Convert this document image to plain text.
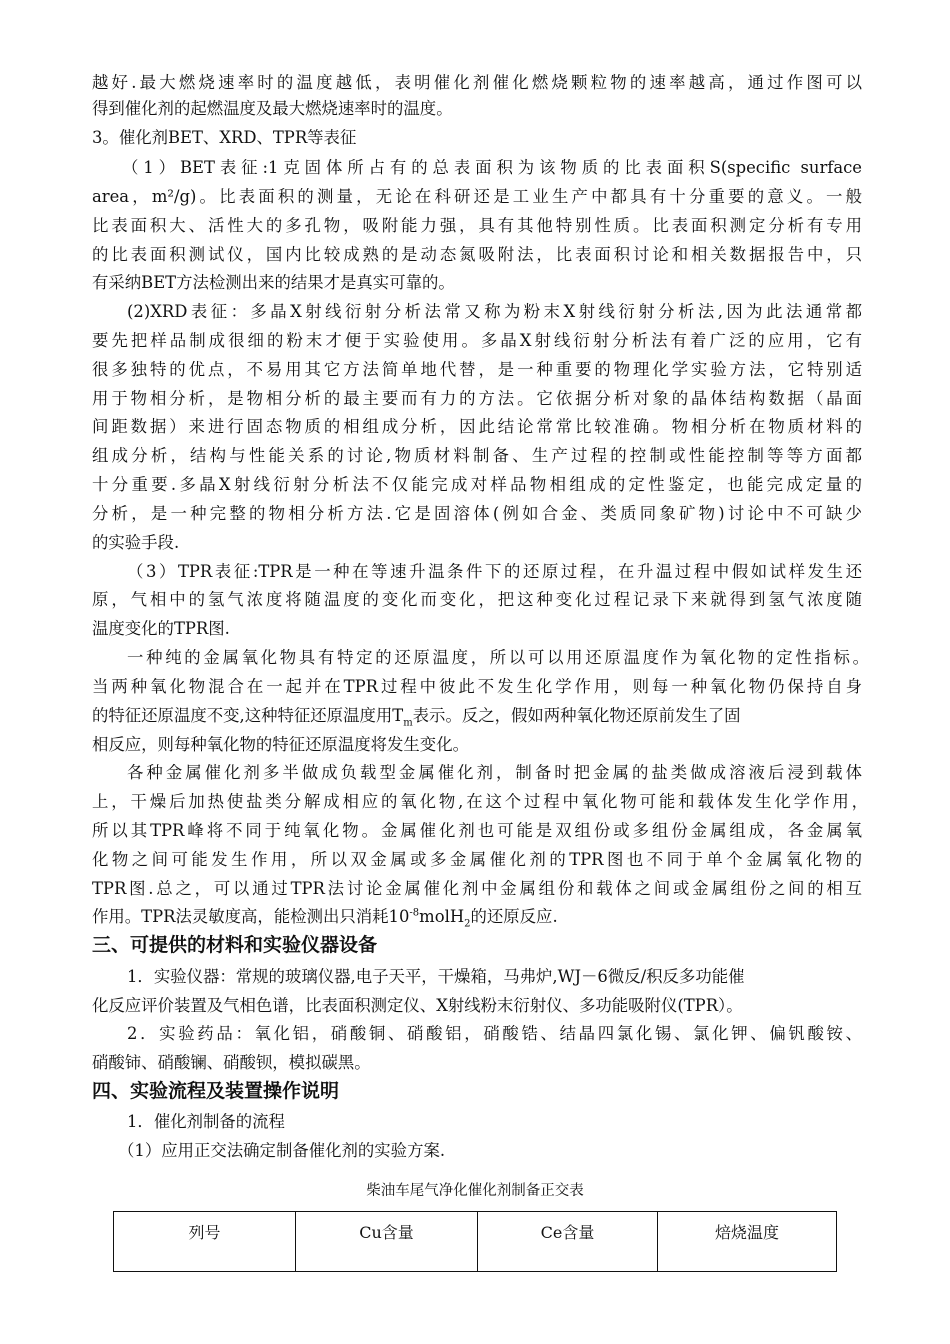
越好.最大燃烧速率时的温度越低，表明催化剂催化燃烧颗粒物的速率越高，通过作图可以
得到催化剂的起燃温度及最大燃烧速率时的温度。
3。催化剂BET、XRD、TPR等表征
（1）BET表征:1克固体所占有的总表面积为该物质的比表面积S(specific surface
area，m²/g)。比表面积的测量，无论在科研还是工业生产中都具有十分重要的意义。一般
比表面积大、活性大的多孔物，吸附能力强，具有其他特别性质。比表面积测定分析有专用
的比表面积测试仪，国内比较成熟的是动态氮吸附法，比表面积讨论和相关数据报告中，只
有采纳BET方法检测出来的结果才是真实可靠的。
(2)XRD表征：多晶X射线衍射分析法常又称为粉末X射线衍射分析法,因为此法通常都
要先把样品制成很细的粉末才便于实验使用。多晶X射线衍射分析法有着广泛的应用，它有
很多独特的优点，不易用其它方法简单地代替，是一种重要的物理化学实验方法，它特别适
用于物相分析，是物相分析的最主要而有力的方法。它依据分析对象的晶体结构数据（晶面
间距数据）来进行固态物质的相组成分析，因此结论常常比较准确。物相分析在物质材料的
组成分析，结构与性能关系的讨论,物质材料制备、生产过程的控制或性能控制等等方面都
十分重要.多晶X射线衍射分析法不仅能完成对样品物相组成的定性鉴定，也能完成定量的
分析，是一种完整的物相分析方法.它是固溶体(例如合金、类质同象矿物)讨论中不可缺少
的实验手段.
（3）TPR表征:TPR是一种在等速升温条件下的还原过程，在升温过程中假如试样发生还
原，气相中的氢气浓度将随温度的变化而变化，把这种变化过程记录下来就得到氢气浓度随
温度变化的TPR图.
一种纯的金属氧化物具有特定的还原温度，所以可以用还原温度作为氧化物的定性指标。
当两种氧化物混合在一起并在TPR过程中彼此不发生化学作用，则每一种氧化物仍保持自身
的特征还原温度不变,这种特征还原温度用$T_m$表示。反之，假如两种氧化物还原前发生了固
相反应，则每种氧化物的特征还原温度将发生变化。
各种金属催化剂多半做成负载型金属催化剂，制备时把金属的盐类做成溶液后浸到载体
上，干燥后加热使盐类分解成相应的氧化物,在这个过程中氧化物可能和载体发生化学作用，
所以其TPR峰将不同于纯氧化物。金属催化剂也可能是双组份或多组份金属组成，各金属氧
化物之间可能发生作用，所以双金属或多金属催化剂的TPR图也不同于单个金属氧化物的
TPR图.总之，可以通过TPR法讨论金属催化剂中金属组份和载体之间或金属组份之间的相互
作用。TPR法灵敏度高，能检测出只消耗$10^{-8}molH_2$的还原反应.
三、可提供的材料和实验仪器设备
1．实验仪器：常规的玻璃仪器,电子天平，干燥箱，马弗炉,WJ－6微反/积反多功能催
化反应评价装置及气相色谱，比表面积测定仪、X射线粉末衍射仪、多功能吸附仪(TPR）。
2．实验药品：氧化铝，硝酸铜、硝酸铝，硝酸锆、结晶四氯化锡、氯化钾、偏钒酸铵、
硝酸铈、硝酸镧、硝酸钡，模拟碳黑。
四、实验流程及装置操作说明
1．催化剂制备的流程
（1）应用正交法确定制备催化剂的实验方案.
柴油车尾气净化催化剂制备正交表
列号	Cu含量	Ce含量	焙烧温度
